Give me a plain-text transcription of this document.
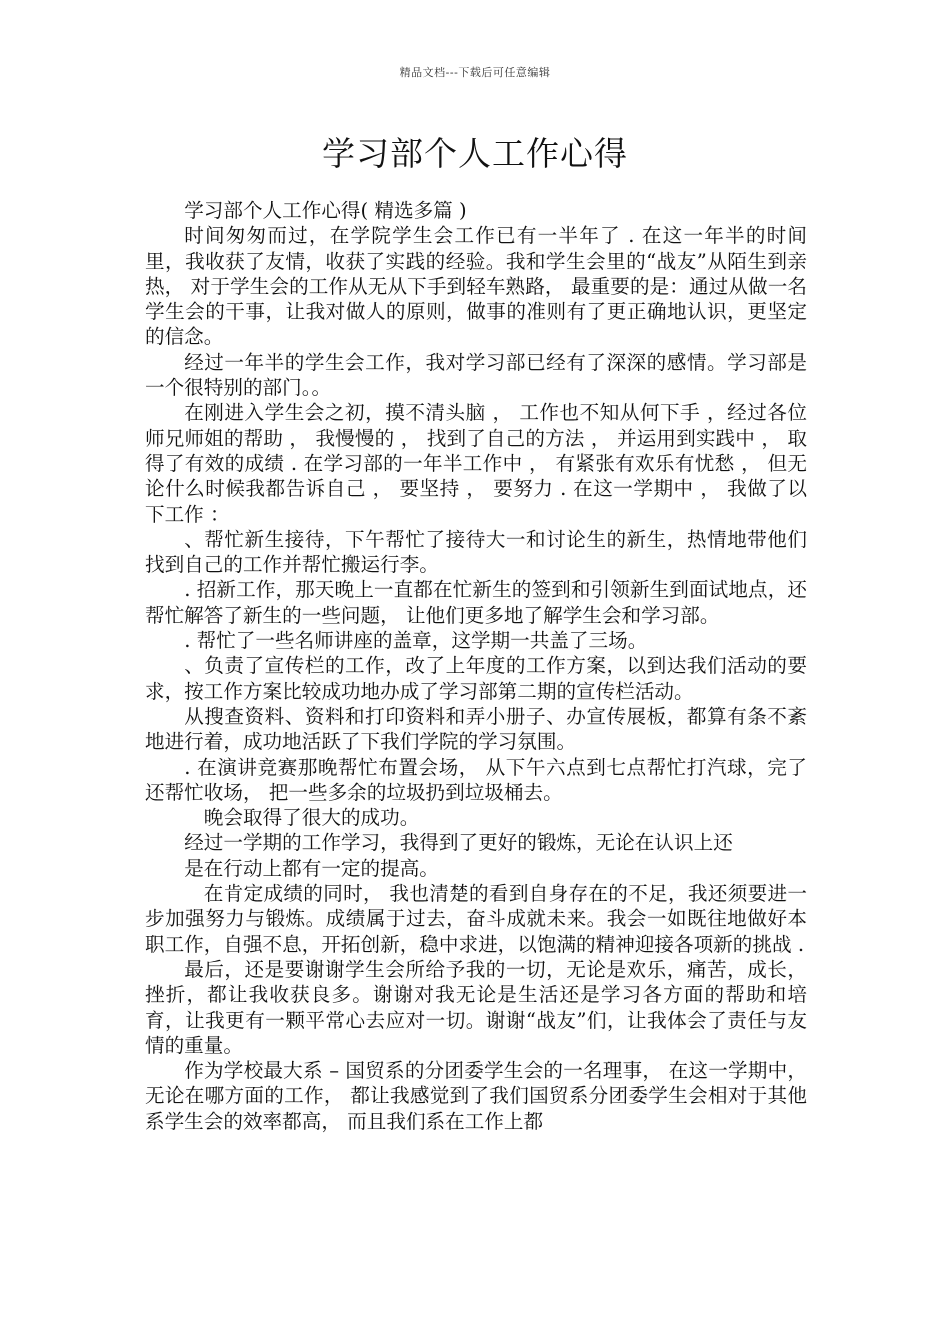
精品文档---下载后可任意编辑
学习部个人工作心得

学习部个人工作心得( 精选多篇 )

时间匆匆而过，在学院学生会工作已有一半年了 . 在这一年半的时间里，我收获了友情，收获了实践的经验。我和学生会里的“战友”从陌生到亲热， 对于学生会的工作从无从下手到轻车熟路， 最重要的是：通过从做一名学生会的干事，让我对做人的原则，做事的准则有了更正确地认识，更坚定的信念。

经过一年半的学生会工作，我对学习部已经有了深深的感情。学习部是一个很特别的部门。。

在刚进入学生会之初，摸不清头脑 ， 工作也不知从何下手 ，经过各位师兄师姐的帮助 ， 我慢慢的 ， 找到了自己的方法 ， 并运用到实践中 ， 取得了有效的成绩 . 在学习部的一年半工作中 ， 有紧张有欢乐有忧愁 ， 但无论什么时候我都告诉自己 ， 要坚持 ， 要努力 . 在这一学期中 ， 我做了以下工作 ：

、帮忙新生接待，下午帮忙了接待大一和讨论生的新生，热情地带他们找到自己的工作并帮忙搬运行李。

. 招新工作，那天晚上一直都在忙新生的签到和引领新生到面试地点，还帮忙解答了新生的一些问题， 让他们更多地了解学生会和学习部。

. 帮忙了一些名师讲座的盖章，这学期一共盖了三场。

、负责了宣传栏的工作，改了上年度的工作方案，以到达我们活动的要求，按工作方案比较成功地办成了学习部第二期的宣传栏活动。

从搜查资料、资料和打印资料和弄小册子、办宣传展板，都算有条不紊地进行着，成功地活跃了下我们学院的学习氛围。

. 在演讲竞赛那晚帮忙布置会场， 从下午六点到七点帮忙打汽球，完了还帮忙收场， 把一些多余的垃圾扔到垃圾桶去。

晚会取得了很大的成功。

经过一学期的工作学习，我得到了更好的锻炼，无论在认识上还

是在行动上都有一定的提高。

在肯定成绩的同时， 我也清楚的看到自身存在的不足，我还须要进一步加强努力与锻炼。成绩属于过去，奋斗成就未来。我会一如既往地做好本职工作，自强不息，开拓创新，稳中求进，以饱满的精神迎接各项新的挑战 .

最后，还是要谢谢学生会所给予我的一切，无论是欢乐，痛苦，成长，挫折，都让我收获良多。谢谢对我无论是生活还是学习各方面的帮助和培育，让我更有一颗平常心去应对一切。谢谢“战友”们，让我体会了责任与友情的重量。

作为学校最大系 – 国贸系的分团委学生会的一名理事， 在这一学期中，无论在哪方面的工作， 都让我感觉到了我们国贸系分团委学生会相对于其他系学生会的效率都高， 而且我们系在工作上都
